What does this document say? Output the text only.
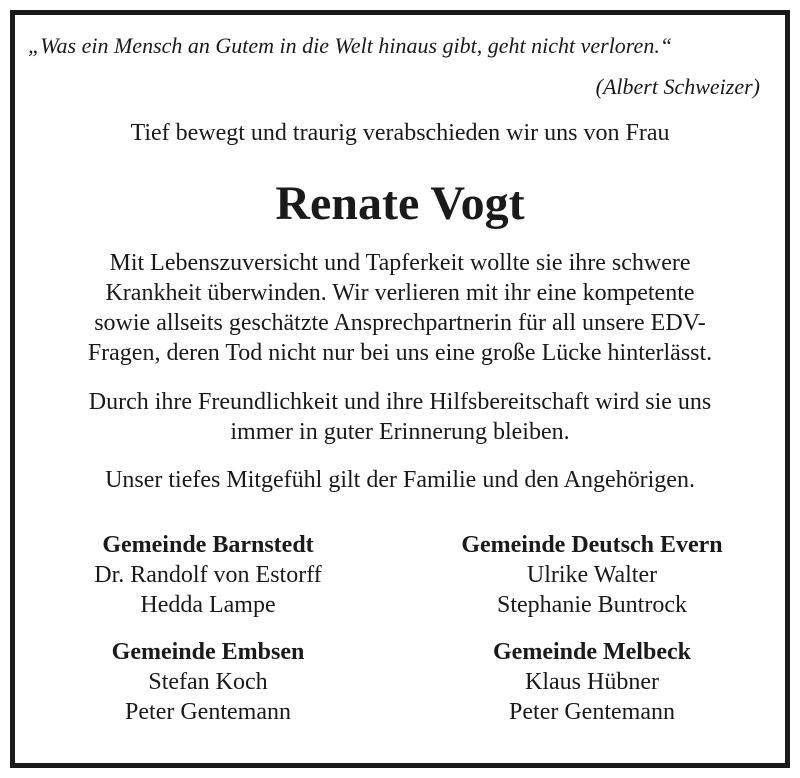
„Was ein Mensch an Gutem in die Welt hinaus gibt, geht nicht verloren.“
(Albert Schweizer)
Tief bewegt und traurig verabschieden wir uns von Frau
Renate Vogt
Mit Lebenszuversicht und Tapferkeit wollte sie ihre schwere
Krankheit überwinden. Wir verlieren mit ihr eine kompetente
sowie allseits geschätzte Ansprechpartnerin für all unsere EDV-
Fragen, deren Tod nicht nur bei uns eine große Lücke hinterlässt.
Durch ihre Freundlichkeit und ihre Hilfsbereitschaft wird sie uns
immer in guter Erinnerung bleiben.
Unser tiefes Mitgefühl gilt der Familie und den Angehörigen.
Gemeinde Barnstedt
Dr. Randolf von Estorff
Hedda Lampe
Gemeinde Deutsch Evern
Ulrike Walter
Stephanie Buntrock
Gemeinde Embsen
Stefan Koch
Peter Gentemann
Gemeinde Melbeck
Klaus Hübner
Peter Gentemann
